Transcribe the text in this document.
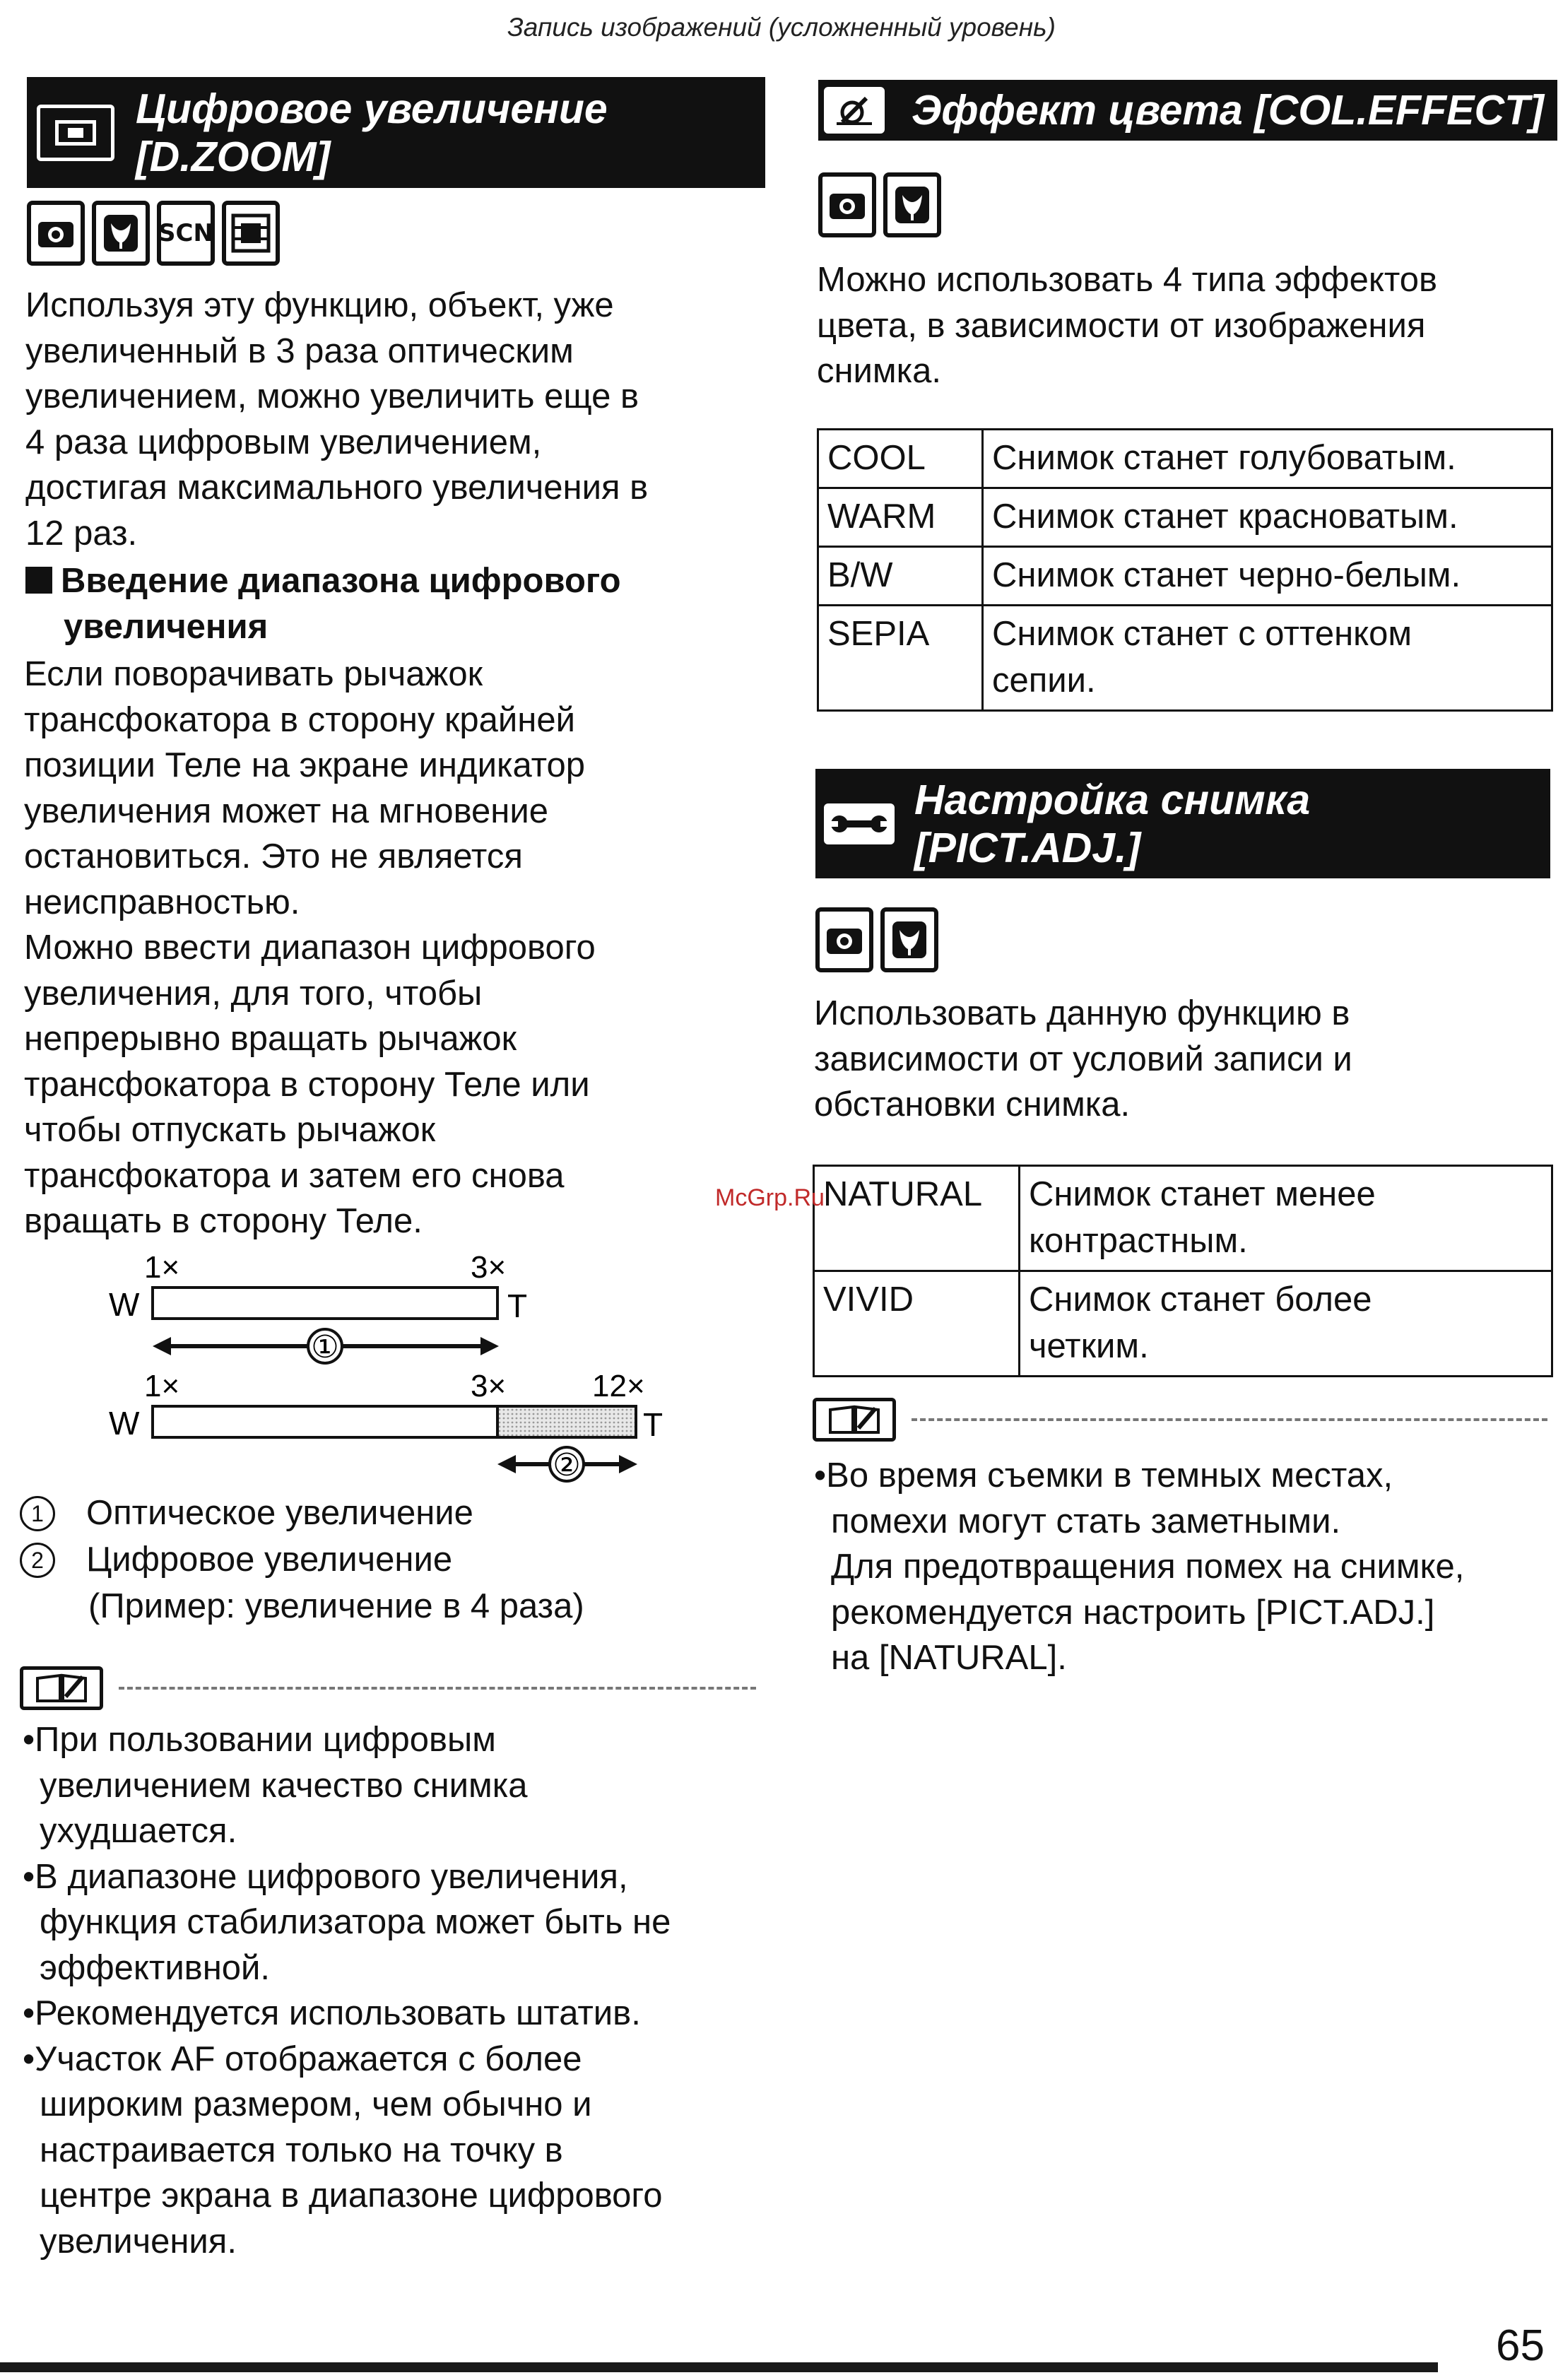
Запись изображений (усложненный уровень)
Цифровое увеличение
[D.ZOOM]
SCN

Используя эту функцию, объект, уже

увеличенный в 3 раза оптическим

увеличением, можно увеличить еще в

4 раза цифровым увеличением,

достигая максимального увеличения в

12 раз.

Введение диапазона цифрового

увеличения

Если поворачивать рычажок

трансфокатора в сторону крайней

позиции Теле на экране индикатор

увеличения может на мгновение

остановиться. Это не является

неисправностью.

Можно ввести диапазон цифрового

увеличения, для того, чтобы

непрерывно вращать рычажок

трансфокатора в сторону Теле или

чтобы отпускать рычажок

трансфокатора и затем его снова

вращать в сторону Теле.

1×	3×
W	T
①
1×	3×	12×
W	T
②
1 Оптическое увеличение
2 Цифровое увеличение
(Пример: увеличение в 4 раза)
• При пользовании цифровым
увеличением качество снимка
ухудшается.
• В диапазоне цифрового увеличения,
функция стабилизатора может быть не
эффективной.
• Рекомендуется использовать штатив.
• Участок AF отображается с более
широким размером, чем обычно и
настраивается только на точку в
центре экрана в диапазоне цифрового
увеличения.
Эффект цвета [COL.EFFECT]

Можно использовать 4 типа эффектов

цвета, в зависимости от изображения

снимка.

COOL	Снимок станет голубоватым.
WARM	Снимок станет красноватым.
B/W	Снимок станет черно-белым.
SEPIA	Снимок станет с оттенком
сепии.
Настройка снимка
[PICT.ADJ.]

Использовать данную функцию в

зависимости от условий записи и

обстановки снимка.

NATURAL	Снимок станет менее
контрастным.

VIVID	Снимок станет более
четким.
McGrp.Ru
• Во время съемки в темных местах,
помехи могут стать заметными.
Для предотвращения помех на снимке,
рекомендуется настроить [PICT.ADJ.]
на [NATURAL].
65
